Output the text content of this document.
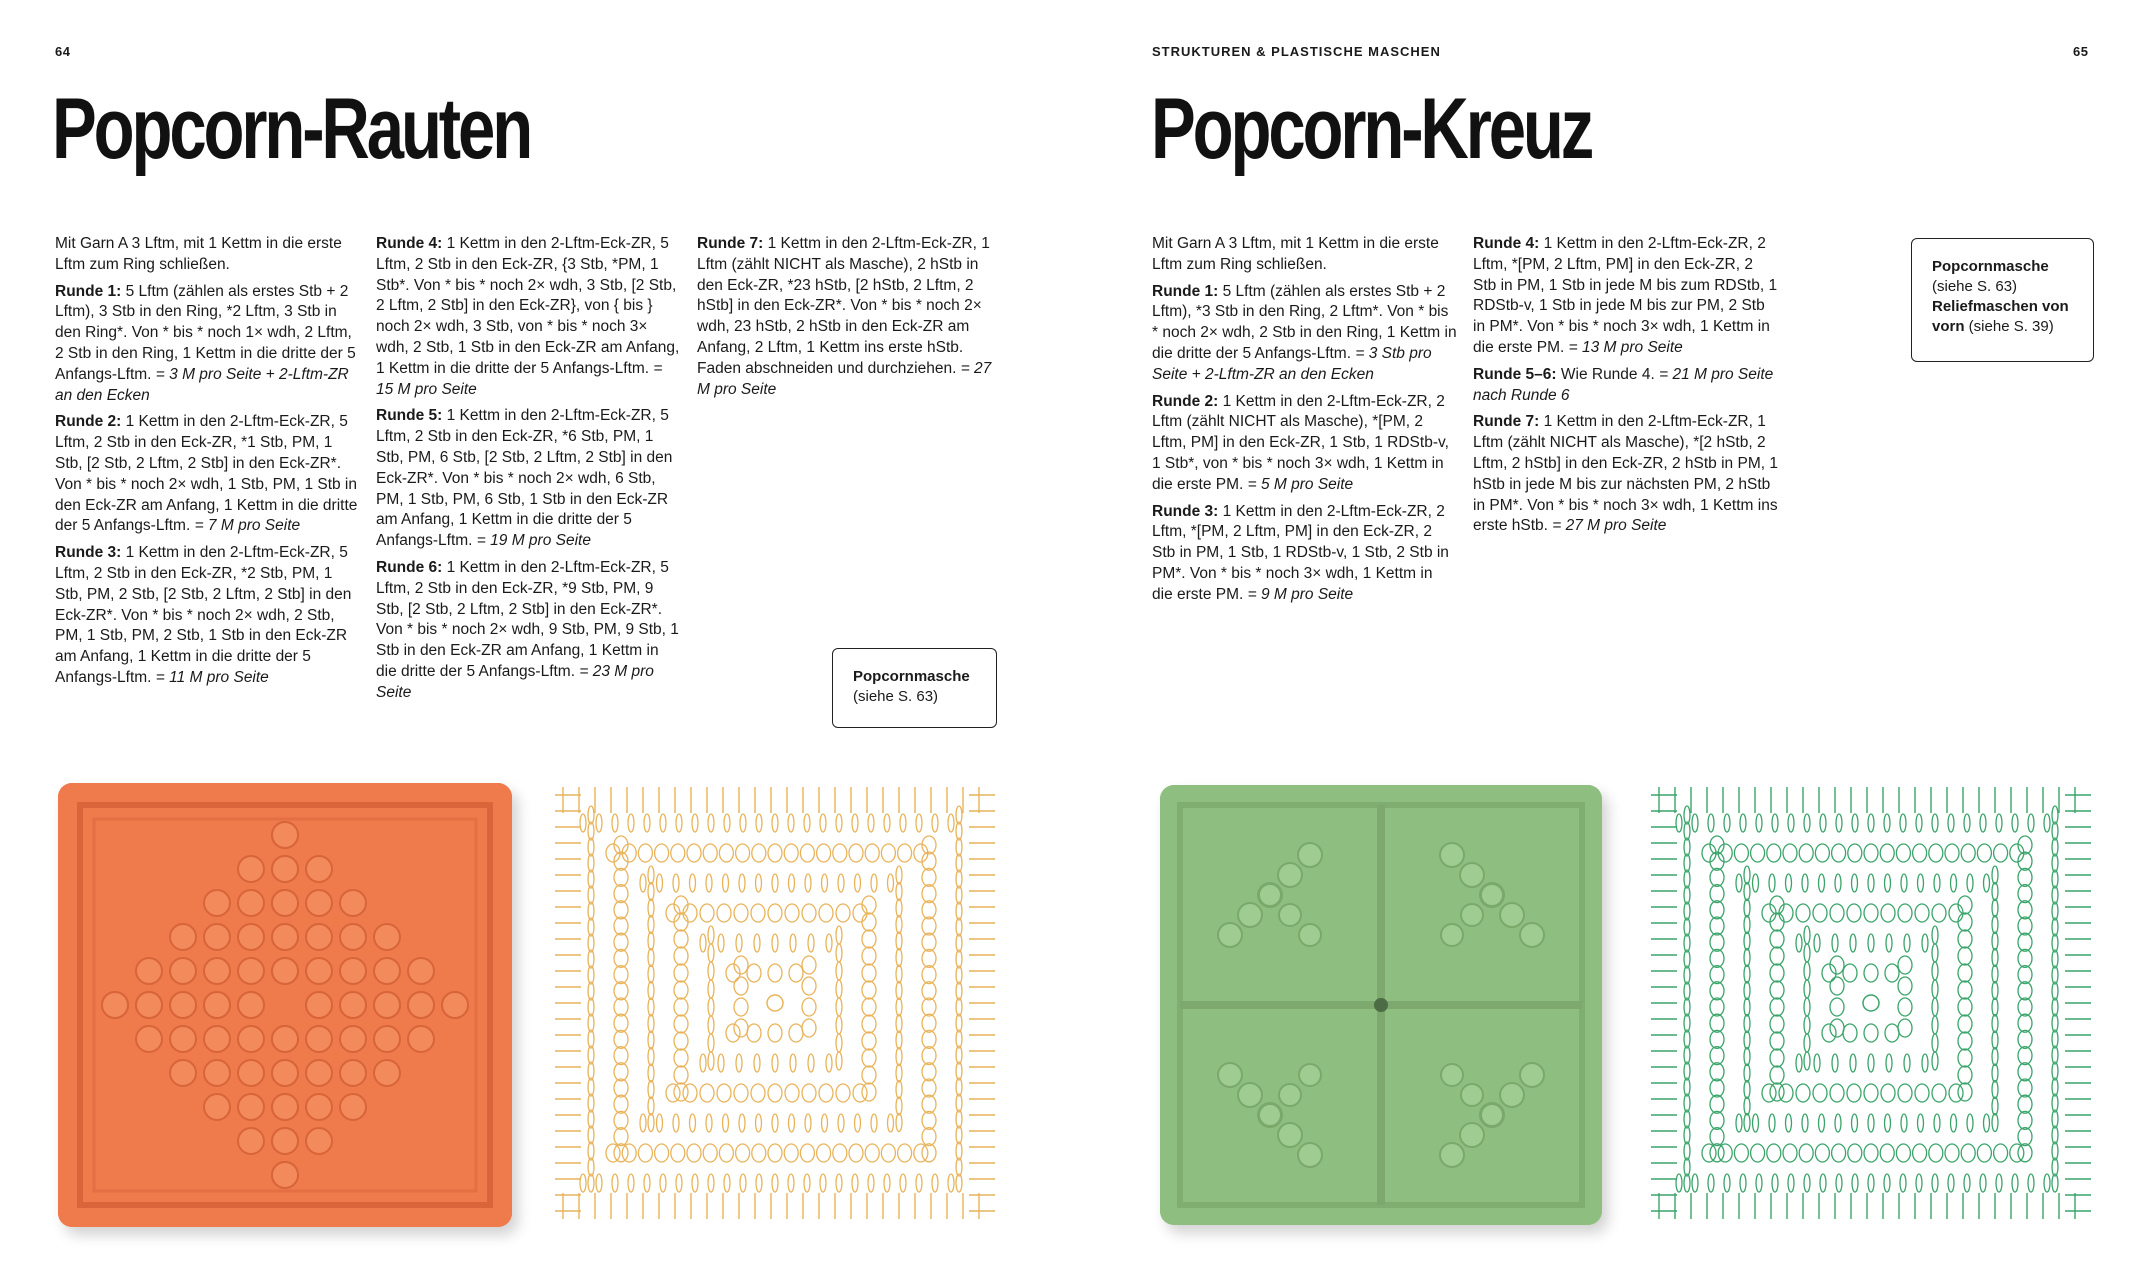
64
Popcorn-Rauten

Mit Garn A 3 Lftm, mit 1 Kettm in die erste Lftm zum Ring schließen.

Runde 1: 5 Lftm (zählen als erstes Stb + 2 Lftm), 3 Stb in den Ring, *2 Lftm, 3 Stb in den Ring*. Von * bis * noch 1× wdh, 2 Lftm, 2 Stb in den Ring, 1 Kettm in die dritte der 5 Anfangs-Lftm. = 3 M pro Seite + 2-Lftm-ZR an den Ecken

Runde 2: 1 Kettm in den 2-Lftm-Eck-ZR, 5 Lftm, 2 Stb in den Eck-ZR, *1 Stb, PM, 1 Stb, [2 Stb, 2 Lftm, 2 Stb] in den Eck-ZR*. Von * bis * noch 2× wdh, 1 Stb, PM, 1 Stb in den Eck-ZR am Anfang, 1 Kettm in die dritte der 5 Anfangs-Lftm. = 7 M pro Seite

Runde 3: 1 Kettm in den 2-Lftm-Eck-ZR, 5 Lftm, 2 Stb in den Eck-ZR, *2 Stb, PM, 1 Stb, PM, 2 Stb, [2 Stb, 2 Lftm, 2 Stb] in den Eck-ZR*. Von * bis * noch 2× wdh, 2 Stb, PM, 1 Stb, PM, 2 Stb, 1 Stb in den Eck-ZR am Anfang, 1 Kettm in die dritte der 5 Anfangs-Lftm. = 11 M pro Seite

Runde 4: 1 Kettm in den 2-Lftm-Eck-ZR, 5 Lftm, 2 Stb in den Eck-ZR, {3 Stb, *PM, 1 Stb*. Von * bis * noch 2× wdh, 3 Stb, [2 Stb, 2 Lftm, 2 Stb] in den Eck-ZR}, von { bis } noch 2× wdh, 3 Stb, von * bis * noch 3× wdh, 2 Stb, 1 Stb in den Eck-ZR am Anfang, 1 Kettm in die dritte der 5 Anfangs-Lftm. = 15 M pro Seite

Runde 5: 1 Kettm in den 2-Lftm-Eck-ZR, 5 Lftm, 2 Stb in den Eck-ZR, *6 Stb, PM, 1 Stb, PM, 6 Stb, [2 Stb, 2 Lftm, 2 Stb] in den Eck-ZR*. Von * bis * noch 2× wdh, 6 Stb, PM, 1 Stb, PM, 6 Stb, 1 Stb in den Eck-ZR am Anfang, 1 Kettm in die dritte der 5 Anfangs-Lftm. = 19 M pro Seite

Runde 6: 1 Kettm in den 2-Lftm-Eck-ZR, 5 Lftm, 2 Stb in den Eck-ZR, *9 Stb, PM, 9 Stb, [2 Stb, 2 Lftm, 2 Stb] in den Eck-ZR*. Von * bis * noch 2× wdh, 9 Stb, PM, 9 Stb, 1 Stb in den Eck-ZR am Anfang, 1 Kettm in die dritte der 5 Anfangs-Lftm. = 23 M pro Seite

Runde 7: 1 Kettm in den 2-Lftm-Eck-ZR, 1 Lftm (zählt NICHT als Masche), 2 hStb in den Eck-ZR, *23 hStb, [2 hStb, 2 Lftm, 2 hStb] in den Eck-ZR*. Von * bis * noch 2× wdh, 23 hStb, 2 hStb in den Eck-ZR am Anfang, 2 Lftm, 1 Kettm ins erste hStb. Faden abschneiden und durchziehen. = 27 M pro Seite

Popcornmasche
(siehe S. 63)
STRUKTUREN & PLASTISCHE MASCHEN	65
Popcorn-Kreuz

Mit Garn A 3 Lftm, mit 1 Kettm in die erste Lftm zum Ring schließen.

Runde 1: 5 Lftm (zählen als erstes Stb + 2 Lftm), *3 Stb in den Ring, 2 Lftm*. Von * bis * noch 2× wdh, 2 Stb in den Ring, 1 Kettm in die dritte der 5 Anfangs-Lftm. = 3 Stb pro Seite + 2-Lftm-ZR an den Ecken

Runde 2: 1 Kettm in den 2-Lftm-Eck-ZR, 2 Lftm (zählt NICHT als Masche), *[PM, 2 Lftm, PM] in den Eck-ZR, 1 Stb, 1 RDStb-v, 1 Stb*, von * bis * noch 3× wdh, 1 Kettm in die erste PM. = 5 M pro Seite

Runde 3: 1 Kettm in den 2-Lftm-Eck-ZR, 2 Lftm, *[PM, 2 Lftm, PM] in den Eck-ZR, 2 Stb in PM, 1 Stb, 1 RDStb-v, 1 Stb, 2 Stb in PM*. Von * bis * noch 3× wdh, 1 Kettm in die erste PM. = 9 M pro Seite

Runde 4: 1 Kettm in den 2-Lftm-Eck-ZR, 2 Lftm, *[PM, 2 Lftm, PM] in den Eck-ZR, 2 Stb in PM, 1 Stb in jede M bis zum RDStb, 1 RDStb-v, 1 Stb in jede M bis zur PM, 2 Stb in PM*. Von * bis * noch 3× wdh, 1 Kettm in die erste PM. = 13 M pro Seite

Runde 5–6: Wie Runde 4. = 21 M pro Seite nach Runde 6

Runde 7: 1 Kettm in den 2-Lftm-Eck-ZR, 1 Lftm (zählt NICHT als Masche), *[2 hStb, 2 Lftm, 2 hStb] in den Eck-ZR, 2 hStb in PM, 1 hStb in jede M bis zur nächsten PM, 2 hStb in PM*. Von * bis * noch 3× wdh, 1 Kettm ins erste hStb. = 27 M pro Seite

Popcornmasche
(siehe S. 63)
Reliefmaschen von vorn (siehe S. 39)
